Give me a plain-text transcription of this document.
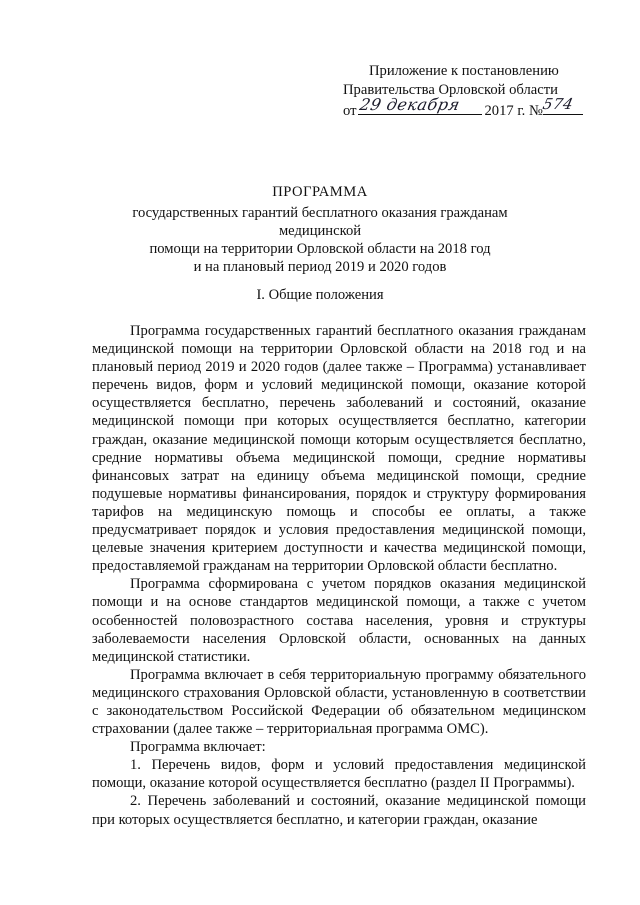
Приложение к постановлению
Правительства Орловской области
от 29 декабря 2017 г. №
574
ПРОГРАММА
государственных гарантий бесплатного оказания гражданам медицинской
помощи на территории Орловской области на 2018 год
и на плановый период 2019 и 2020 годов
I. Общие положения

Программа государственных гарантий бесплатного оказания гражданам медицинской помощи на территории Орловской области на 2018 год и на плановый период 2019 и 2020 годов (далее также – Программа) устанавливает перечень видов, форм и условий медицинской помощи, оказание которой осуществляется бесплатно, перечень заболеваний и состояний, оказание медицинской помощи при которых осуществляется бесплатно, категории граждан, оказание медицинской помощи которым осуществляется бесплатно, средние нормативы объема медицинской помощи, средние нормативы финансовых затрат на единицу объема медицинской помощи, средние подушевые нормативы финансирования, порядок и структуру формирования тарифов на медицинскую помощь и способы ее оплаты, а также предусматривает порядок и условия предоставления медицинской помощи, целевые значения критерием доступности и качества медицинской помощи, предоставляемой гражданам на территории Орловской области бесплатно.

Программа сформирована с учетом порядков оказания медицинской помощи и на основе стандартов медицинской помощи, а также с учетом особенностей половозрастного состава населения, уровня и структуры заболеваемости населения Орловской области, основанных на данных медицинской статистики.

Программа включает в себя территориальную программу обязательного медицинского страхования Орловской области, установленную в соответствии с законодательством Российской Федерации об обязательном медицинском страховании (далее также – территориальная программа ОМС).

Программа включает:

1. Перечень видов, форм и условий предоставления медицинской помощи, оказание которой осуществляется бесплатно (раздел II Программы).

2. Перечень заболеваний и состояний, оказание медицинской помощи при которых осуществляется бесплатно, и категории граждан, оказание
